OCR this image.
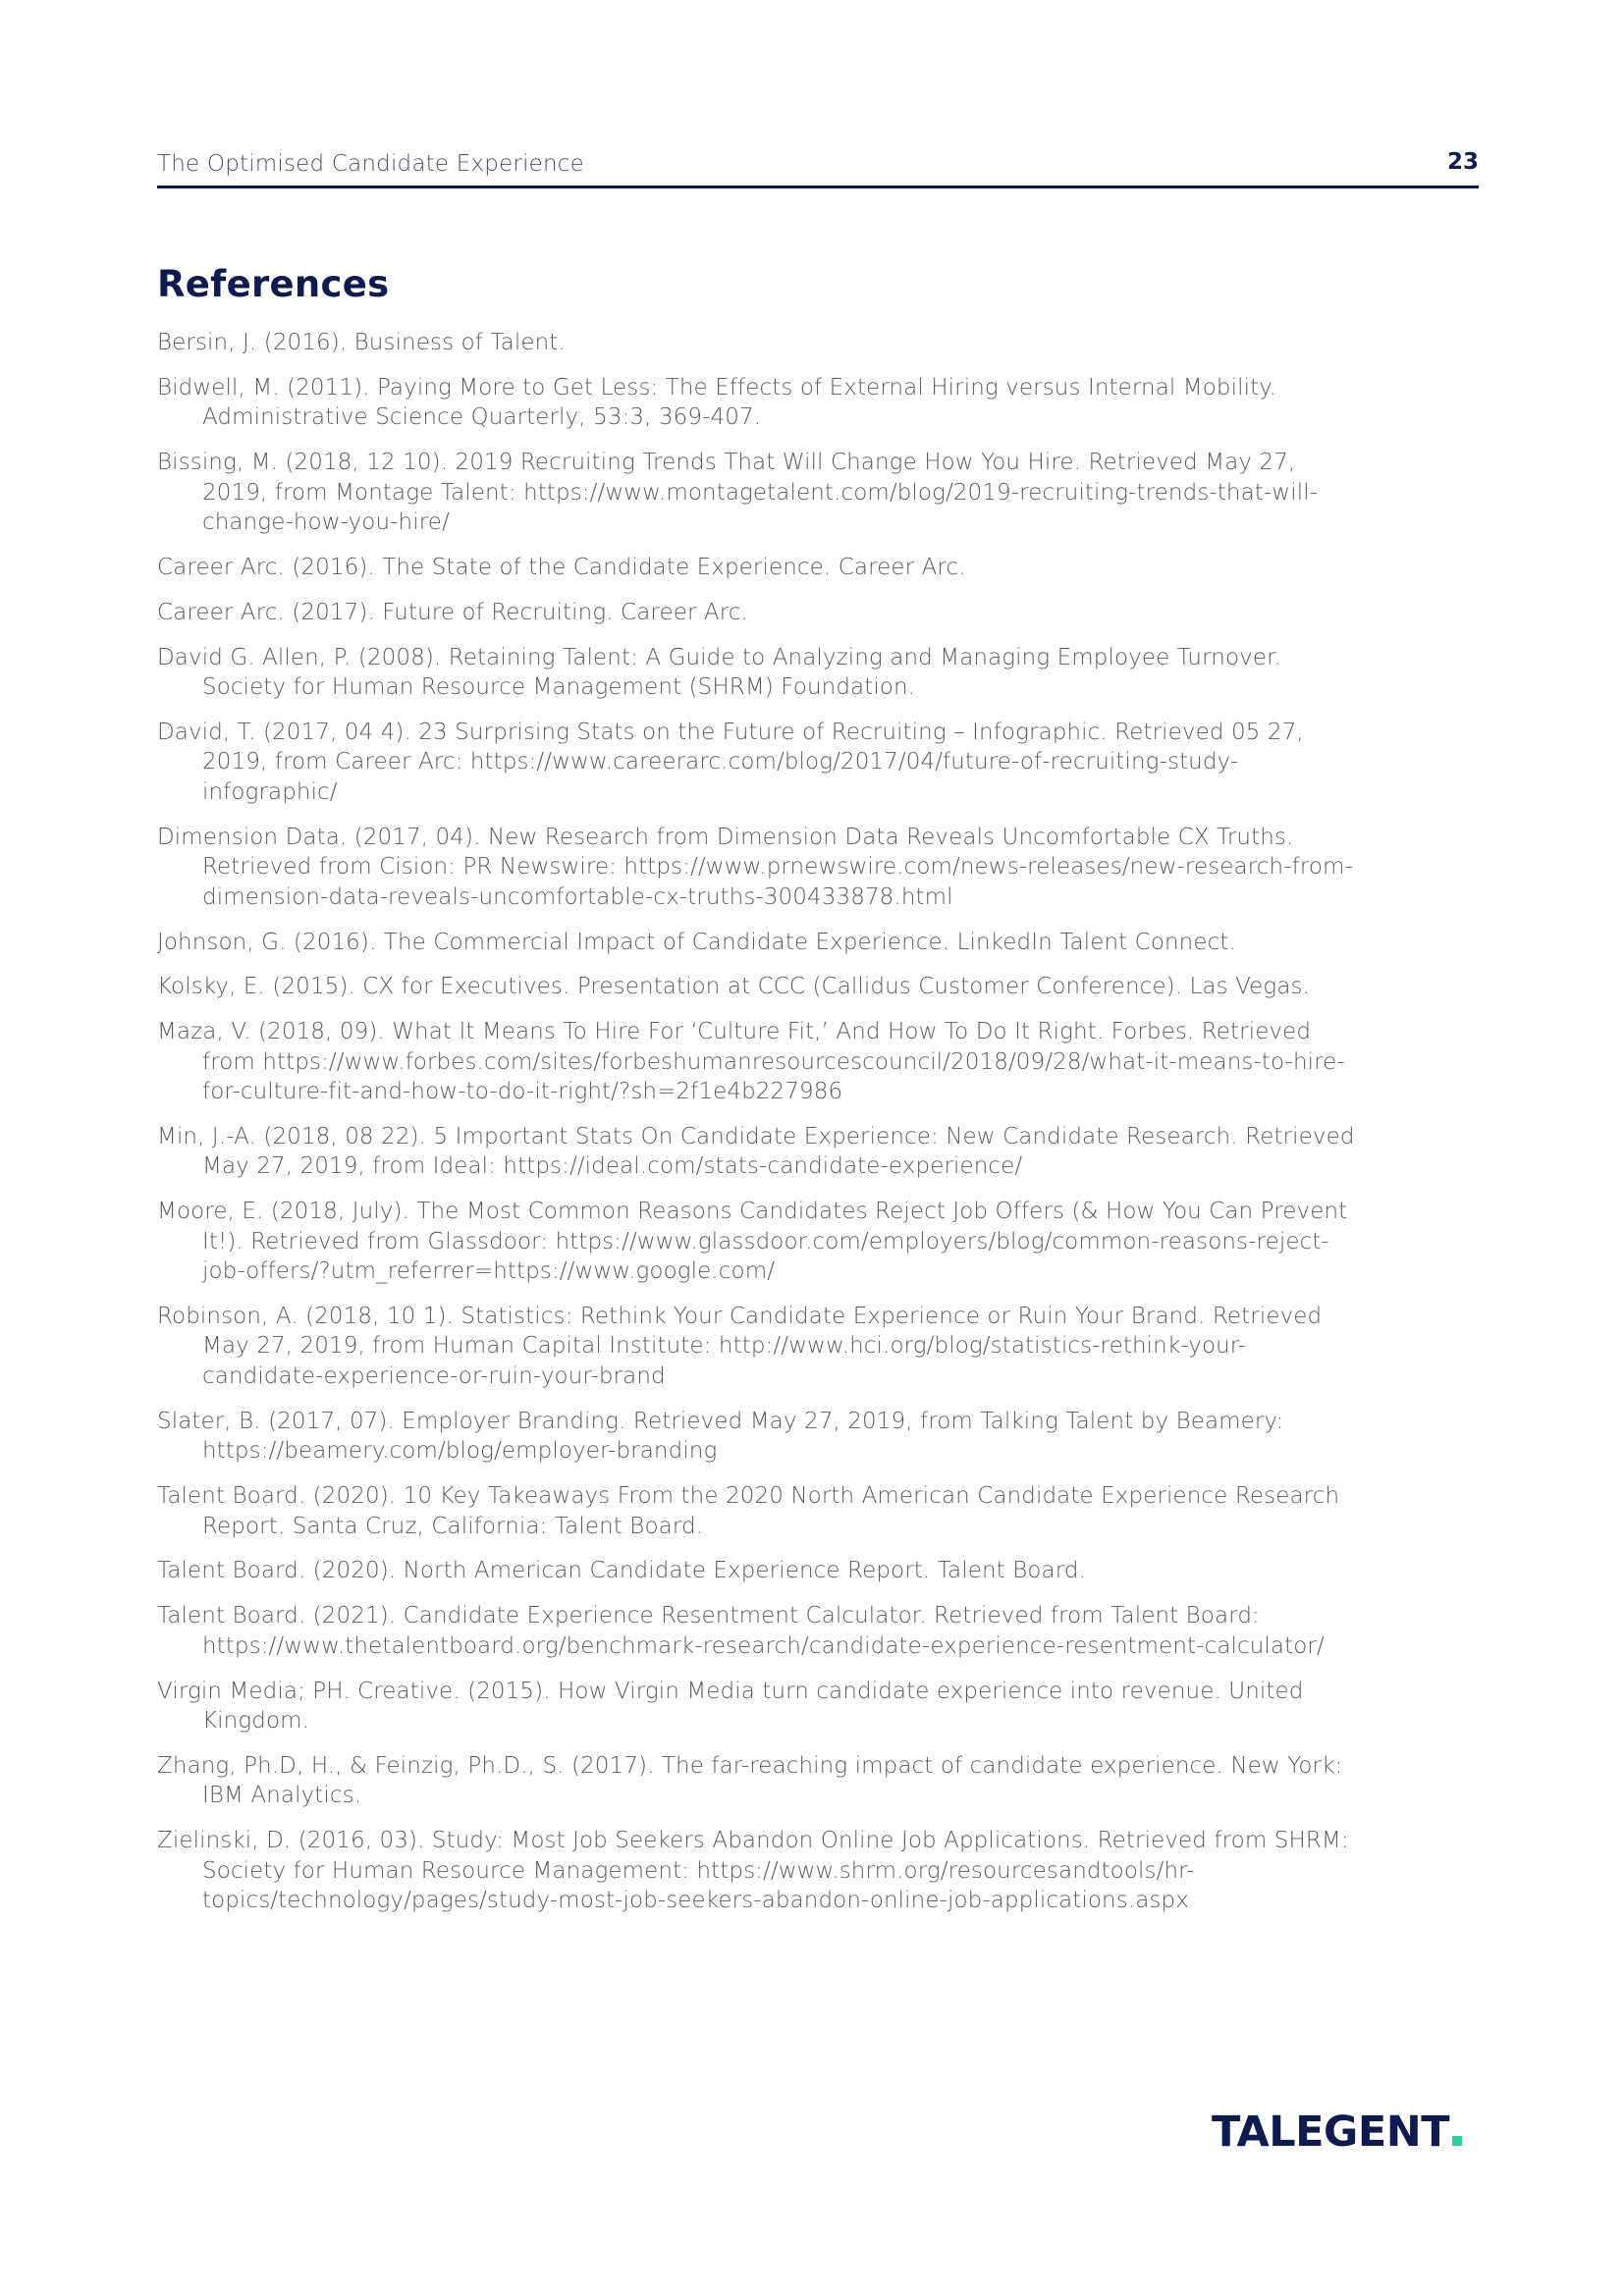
The Optimised Candidate Experience	23
References
Bersin, J. (2016). Business of Talent.
Bidwell, M. (2011). Paying More to Get Less: The Effects of External Hiring versus Internal Mobility. Administrative Science Quarterly, 53:3, 369-407.
Bissing, M. (2018, 12 10). 2019 Recruiting Trends That Will Change How You Hire. Retrieved May 27, 2019, from Montage Talent: https://www.montagetalent.com/blog/2019-recruiting-trends-that-will-change-how-you-hire/
Career Arc. (2016). The State of the Candidate Experience. Career Arc.
Career Arc. (2017). Future of Recruiting. Career Arc.
David G. Allen, P. (2008). Retaining Talent: A Guide to Analyzing and Managing Employee Turnover. Society for Human Resource Management (SHRM) Foundation.
David, T. (2017, 04 4). 23 Surprising Stats on the Future of Recruiting – Infographic. Retrieved 05 27, 2019, from Career Arc: https://www.careerarc.com/blog/2017/04/future-of-recruiting-study-infographic/
Dimension Data. (2017, 04). New Research from Dimension Data Reveals Uncomfortable CX Truths. Retrieved from Cision: PR Newswire: https://www.prnewswire.com/news-releases/new-research-from-dimension-data-reveals-uncomfortable-cx-truths-300433878.html
Johnson, G. (2016). The Commercial Impact of Candidate Experience. LinkedIn Talent Connect.
Kolsky, E. (2015). CX for Executives. Presentation at CCC (Callidus Customer Conference). Las Vegas.
Maza, V. (2018, 09). What It Means To Hire For ‘Culture Fit,’ And How To Do It Right. Forbes. Retrieved from https://www.forbes.com/sites/forbeshumanresourcescouncil/2018/09/28/what-it-means-to-hire-for-culture-fit-and-how-to-do-it-right/?sh=2f1e4b227986
Min, J.-A. (2018, 08 22). 5 Important Stats On Candidate Experience: New Candidate Research. Retrieved May 27, 2019, from Ideal: https://ideal.com/stats-candidate-experience/
Moore, E. (2018, July). The Most Common Reasons Candidates Reject Job Offers (& How You Can Prevent It!). Retrieved from Glassdoor: https://www.glassdoor.com/employers/blog/common-reasons-reject-job-offers/?utm_referrer=https://www.google.com/
Robinson, A. (2018, 10 1). Statistics: Rethink Your Candidate Experience or Ruin Your Brand. Retrieved May 27, 2019, from Human Capital Institute: http://www.hci.org/blog/statistics-rethink-your-candidate-experience-or-ruin-your-brand
Slater, B. (2017, 07). Employer Branding. Retrieved May 27, 2019, from Talking Talent by Beamery: https://beamery.com/blog/employer-branding
Talent Board. (2020). 10 Key Takeaways From the 2020 North American Candidate Experience Research Report. Santa Cruz, California: Talent Board.
Talent Board. (2020). North American Candidate Experience Report. Talent Board.
Talent Board. (2021). Candidate Experience Resentment Calculator. Retrieved from Talent Board: https://www.thetalentboard.org/benchmark-research/candidate-experience-resentment-calculator/
Virgin Media; PH. Creative. (2015). How Virgin Media turn candidate experience into revenue. United Kingdom.
Zhang, Ph.D, H., & Feinzig, Ph.D., S. (2017). The far-reaching impact of candidate experience. New York: IBM Analytics.
Zielinski, D. (2016, 03). Study: Most Job Seekers Abandon Online Job Applications. Retrieved from SHRM: Society for Human Resource Management: https://www.shrm.org/resourcesandtools/hr-topics/technology/pages/study-most-job-seekers-abandon-online-job-applications.aspx
TALEGENT
